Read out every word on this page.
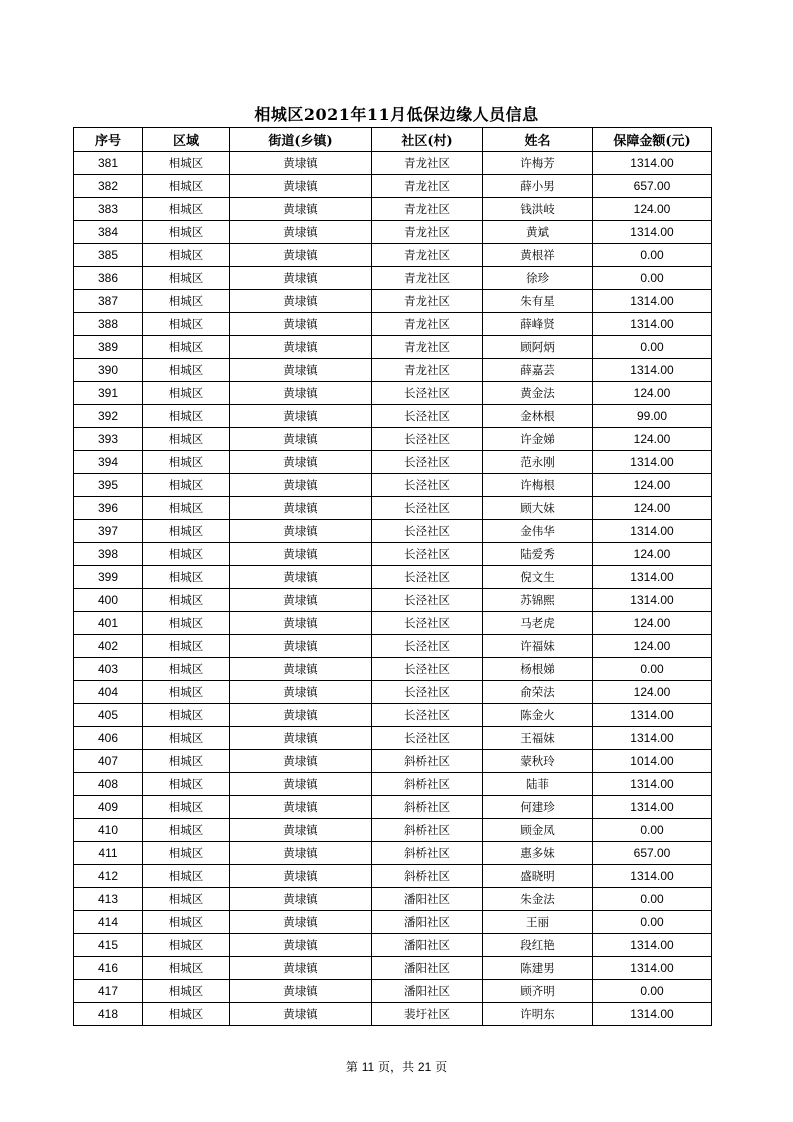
相城区2021年11月低保边缘人员信息
序号	区域	街道(乡镇)	社区(村)	姓名	保障金额(元)
381	相城区	黄埭镇	青龙社区	许梅芳	1314.00
382	相城区	黄埭镇	青龙社区	薛小男	657.00
383	相城区	黄埭镇	青龙社区	钱洪岐	124.00
384	相城区	黄埭镇	青龙社区	黄斌	1314.00
385	相城区	黄埭镇	青龙社区	黄根祥	0.00
386	相城区	黄埭镇	青龙社区	徐珍	0.00
387	相城区	黄埭镇	青龙社区	朱有星	1314.00
388	相城区	黄埭镇	青龙社区	薛峰贤	1314.00
389	相城区	黄埭镇	青龙社区	顾阿炳	0.00
390	相城区	黄埭镇	青龙社区	薛嘉芸	1314.00
391	相城区	黄埭镇	长泾社区	黄金法	124.00
392	相城区	黄埭镇	长泾社区	金林根	99.00
393	相城区	黄埭镇	长泾社区	许金娣	124.00
394	相城区	黄埭镇	长泾社区	范永刚	1314.00
395	相城区	黄埭镇	长泾社区	许梅根	124.00
396	相城区	黄埭镇	长泾社区	顾大妹	124.00
397	相城区	黄埭镇	长泾社区	金伟华	1314.00
398	相城区	黄埭镇	长泾社区	陆爱秀	124.00
399	相城区	黄埭镇	长泾社区	倪文生	1314.00
400	相城区	黄埭镇	长泾社区	苏锦熙	1314.00
401	相城区	黄埭镇	长泾社区	马老虎	124.00
402	相城区	黄埭镇	长泾社区	许福妹	124.00
403	相城区	黄埭镇	长泾社区	杨根娣	0.00
404	相城区	黄埭镇	长泾社区	俞荣法	124.00
405	相城区	黄埭镇	长泾社区	陈金火	1314.00
406	相城区	黄埭镇	长泾社区	王福妹	1314.00
407	相城区	黄埭镇	斜桥社区	蒙秋玲	1014.00
408	相城区	黄埭镇	斜桥社区	陆菲	1314.00
409	相城区	黄埭镇	斜桥社区	何建珍	1314.00
410	相城区	黄埭镇	斜桥社区	顾金凤	0.00
411	相城区	黄埭镇	斜桥社区	惠多妹	657.00
412	相城区	黄埭镇	斜桥社区	盛晓明	1314.00
413	相城区	黄埭镇	潘阳社区	朱金法	0.00
414	相城区	黄埭镇	潘阳社区	王丽	0.00
415	相城区	黄埭镇	潘阳社区	段红艳	1314.00
416	相城区	黄埭镇	潘阳社区	陈建男	1314.00
417	相城区	黄埭镇	潘阳社区	顾齐明	0.00
418	相城区	黄埭镇	裴圩社区	许明东	1314.00
第 11 页，共 21 页
